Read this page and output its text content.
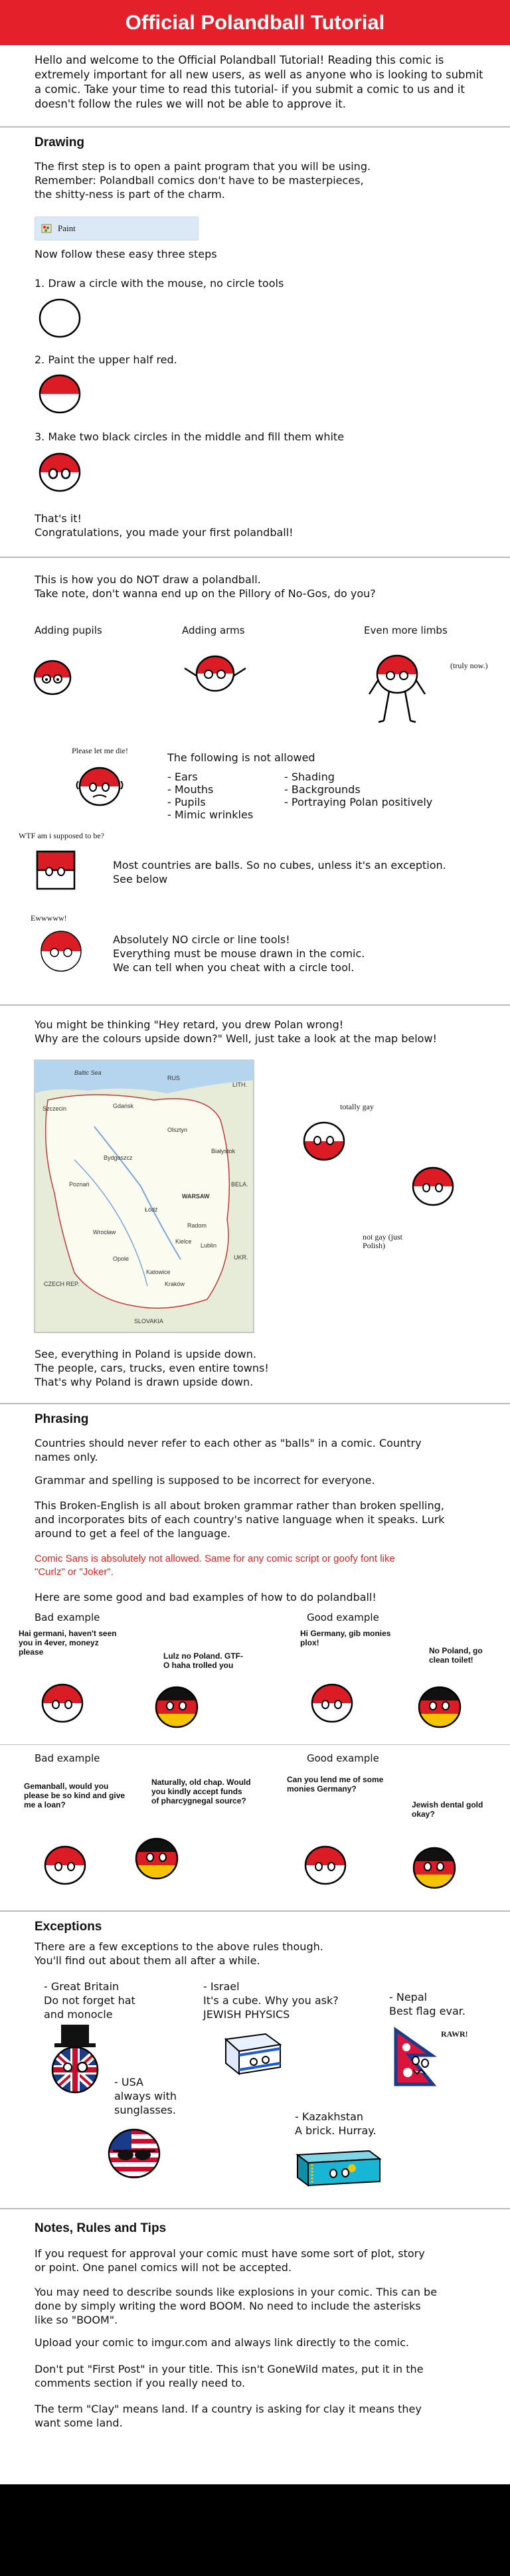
Official Polandball Tutorial
Hello and welcome to the Official Polandball Tutorial! Reading this comic is extremely important for all new users, as well as anyone who is looking to submit a comic. Take your time to read this tutorial- if you submit a comic to us and it doesn't follow the rules we will not be able to approve it.
Drawing
The first step is to open a paint program that you will be using.
Remember: Polandball comics don't have to be masterpieces,
the shitty-ness is part of the charm.
Paint
Now follow these easy three steps
1. Draw a circle with the mouse, no circle tools
2. Paint the upper half red.
3. Make two black circles in the middle and fill them white
That's it!
Congratulations, you made your first polandball!
This is how you do NOT draw a polandball.
Take note, don't wanna end up on the Pillory of No-Gos, do you?
Adding pupils	Adding arms	Even more limbs
(truly now.)
Please let me die!
The following is not allowed
- Ears
- Mouths
- Pupils
- Mimic wrinkles
- Shading
- Backgrounds
- Portraying Polan positively
WTF am i supposed to be?
Most countries are balls. So no cubes, unless it's an exception.
See below
Ewwwww!
Absolutely NO circle or line tools!
Everything must be mouse drawn in the comic.
We can tell when you cheat with a circle tool.
You might be thinking "Hey retard, you drew Polan wrong!
Why are the colours upside down?" Well, just take a look at the map below!
Szczecin	Gdańsk
Bydgoszcz
Poznań
Łódź
WARSAW
Lublin
Wrocław
Kraków
Katowice
Białystok
Olsztyn
Kielce
Opole
Radom
Baltic Sea
RUS
LITH.
BELA.
UKR.
CZECH REP.
SLOVAKIA
totally gay
not gay (just Polish)
See, everything in Poland is upside down.
The people, cars, trucks, even entire towns!
That's why Poland is drawn upside down.
Phrasing
Countries should never refer to each other as "balls" in a comic. Country
names only.
Grammar and spelling is supposed to be incorrect for everyone.
This Broken-English is all about broken grammar rather than broken spelling,
and incorporates bits of each country's native language when it speaks. Lurk
around to get a feel of the language.
Comic Sans is absolutely not allowed. Same for any comic script or goofy font like
"Curlz" or "Joker".
Here are some good and bad examples of how to do polandball!
Bad example	Good example
Hai germani, haven't seen you in 4ever, moneyz please	Lulz no Poland. GTF-O haha trolled you
Hi Germany, gib monies plox!
No Poland, go clean toilet!
Bad example	Good example
Gemanball, would you please be so kind and give me a loan?
Naturally, old chap. Would you kindly accept funds of pharcygnegal source?
Can you lend me of some monies Germany?
Jewish dental gold okay?
Exceptions
There are a few exceptions to the above rules though.
You'll find out about them all after a while.
- Great Britain
Do not forget hat
and monocle
- Israel
It's a cube. Why you ask?
JEWISH PHYSICS
- Nepal
Best flag evar.
RAWR!
- USA
always with
sunglasses.
- Kazakhstan
A brick. Hurray.
Notes, Rules and Tips
If you request for approval your comic must have some sort of plot, story
or point. One panel comics will not be accepted.
You may need to describe sounds like explosions in your comic. This can be
done by simply writing the word BOOM. No need to include the asterisks
like so "BOOM".
Upload your comic to imgur.com and always link directly to the comic.
Don't put "First Post" in your title. This isn't GoneWild mates, put it in the
comments section if you really need to.
The term "Clay" means land. If a country is asking for clay it means they
want some land.
